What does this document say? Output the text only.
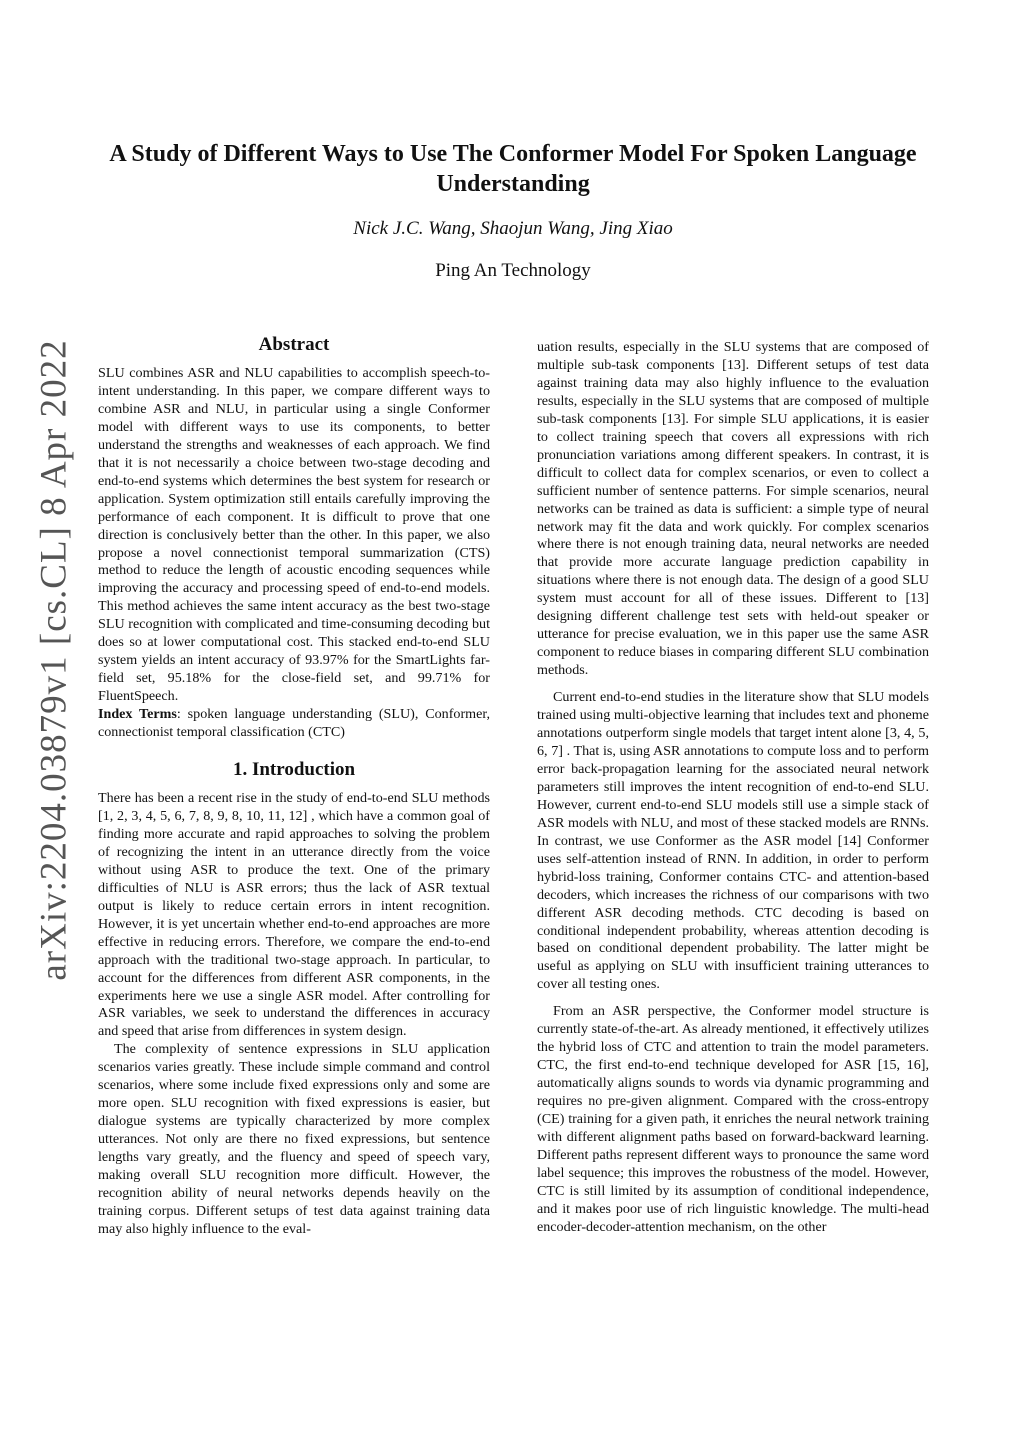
arXiv:2204.03879v1 [cs.CL] 8 Apr 2022
A Study of Different Ways to Use The Conformer Model For Spoken Language Understanding
Nick J.C. Wang, Shaojun Wang, Jing Xiao
Ping An Technology
Abstract

SLU combines ASR and NLU capabilities to accomplish speech-to-intent understanding. In this paper, we compare different ways to combine ASR and NLU, in particular using a single Conformer model with different ways to use its components, to better understand the strengths and weaknesses of each approach. We find that it is not necessarily a choice between two-stage decoding and end-to-end systems which determines the best system for research or application. System optimization still entails carefully improving the performance of each component. It is difficult to prove that one direction is conclusively better than the other. In this paper, we also propose a novel connectionist temporal summarization (CTS) method to reduce the length of acoustic encoding sequences while improving the accuracy and processing speed of end-to-end models. This method achieves the same intent accuracy as the best two-stage SLU recognition with complicated and time-consuming decoding but does so at lower computational cost. This stacked end-to-end SLU system yields an intent accuracy of 93.97% for the SmartLights far-field set, 95.18% for the close-field set, and 99.71% for FluentSpeech.

Index Terms: spoken language understanding (SLU), Conformer, connectionist temporal classification (CTC)

1. Introduction

There has been a recent rise in the study of end-to-end SLU methods [1, 2, 3, 4, 5, 6, 7, 8, 9, 8, 10, 11, 12] , which have a common goal of finding more accurate and rapid approaches to solving the problem of recognizing the intent in an utterance directly from the voice without using ASR to produce the text. One of the primary difficulties of NLU is ASR errors; thus the lack of ASR textual output is likely to reduce certain errors in intent recognition. However, it is yet uncertain whether end-to-end approaches are more effective in reducing errors. Therefore, we compare the end-to-end approach with the traditional two-stage approach. In particular, to account for the differences from different ASR components, in the experiments here we use a single ASR model. After controlling for ASR variables, we seek to understand the differences in accuracy and speed that arise from differences in system design.

The complexity of sentence expressions in SLU application scenarios varies greatly. These include simple command and control scenarios, where some include fixed expressions only and some are more open. SLU recognition with fixed expressions is easier, but dialogue systems are typically characterized by more complex utterances. Not only are there no fixed expressions, but sentence lengths vary greatly, and the fluency and speed of speech vary, making overall SLU recognition more difficult. However, the recognition ability of neural networks depends heavily on the training corpus. Different setups of test data against training data may also highly influence to the eval-

uation results, especially in the SLU systems that are composed of multiple sub-task components [13]. Different setups of test data against training data may also highly influence to the evaluation results, especially in the SLU systems that are composed of multiple sub-task components [13]. For simple SLU applications, it is easier to collect training speech that covers all expressions with rich pronunciation variations among different speakers. In contrast, it is difficult to collect data for complex scenarios, or even to collect a sufficient number of sentence patterns. For simple scenarios, neural networks can be trained as data is sufficient: a simple type of neural network may fit the data and work quickly. For complex scenarios where there is not enough training data, neural networks are needed that provide more accurate language prediction capability in situations where there is not enough data. The design of a good SLU system must account for all of these issues. Different to [13] designing different challenge test sets with held-out speaker or utterance for precise evaluation, we in this paper use the same ASR component to reduce biases in comparing different SLU combination methods.

Current end-to-end studies in the literature show that SLU models trained using multi-objective learning that includes text and phoneme annotations outperform single models that target intent alone [3, 4, 5, 6, 7] . That is, using ASR annotations to compute loss and to perform error back-propagation learning for the associated neural network parameters still improves the intent recognition of end-to-end SLU. However, current end-to-end SLU models still use a simple stack of ASR models with NLU, and most of these stacked models are RNNs. In contrast, we use Conformer as the ASR model [14] Conformer uses self-attention instead of RNN. In addition, in order to perform hybrid-loss training, Conformer contains CTC- and attention-based decoders, which increases the richness of our comparisons with two different ASR decoding methods. CTC decoding is based on conditional independent probability, whereas attention decoding is based on conditional dependent probability. The latter might be useful as applying on SLU with insufficient training utterances to cover all testing ones.

From an ASR perspective, the Conformer model structure is currently state-of-the-art. As already mentioned, it effectively utilizes the hybrid loss of CTC and attention to train the model parameters. CTC, the first end-to-end technique developed for ASR [15, 16], automatically aligns sounds to words via dynamic programming and requires no pre-given alignment. Compared with the cross-entropy (CE) training for a given path, it enriches the neural network training with different alignment paths based on forward-backward learning. Different paths represent different ways to pronounce the same word label sequence; this improves the robustness of the model. However, CTC is still limited by its assumption of conditional independence, and it makes poor use of rich linguistic knowledge. The multi-head encoder-decoder-attention mechanism, on the other
